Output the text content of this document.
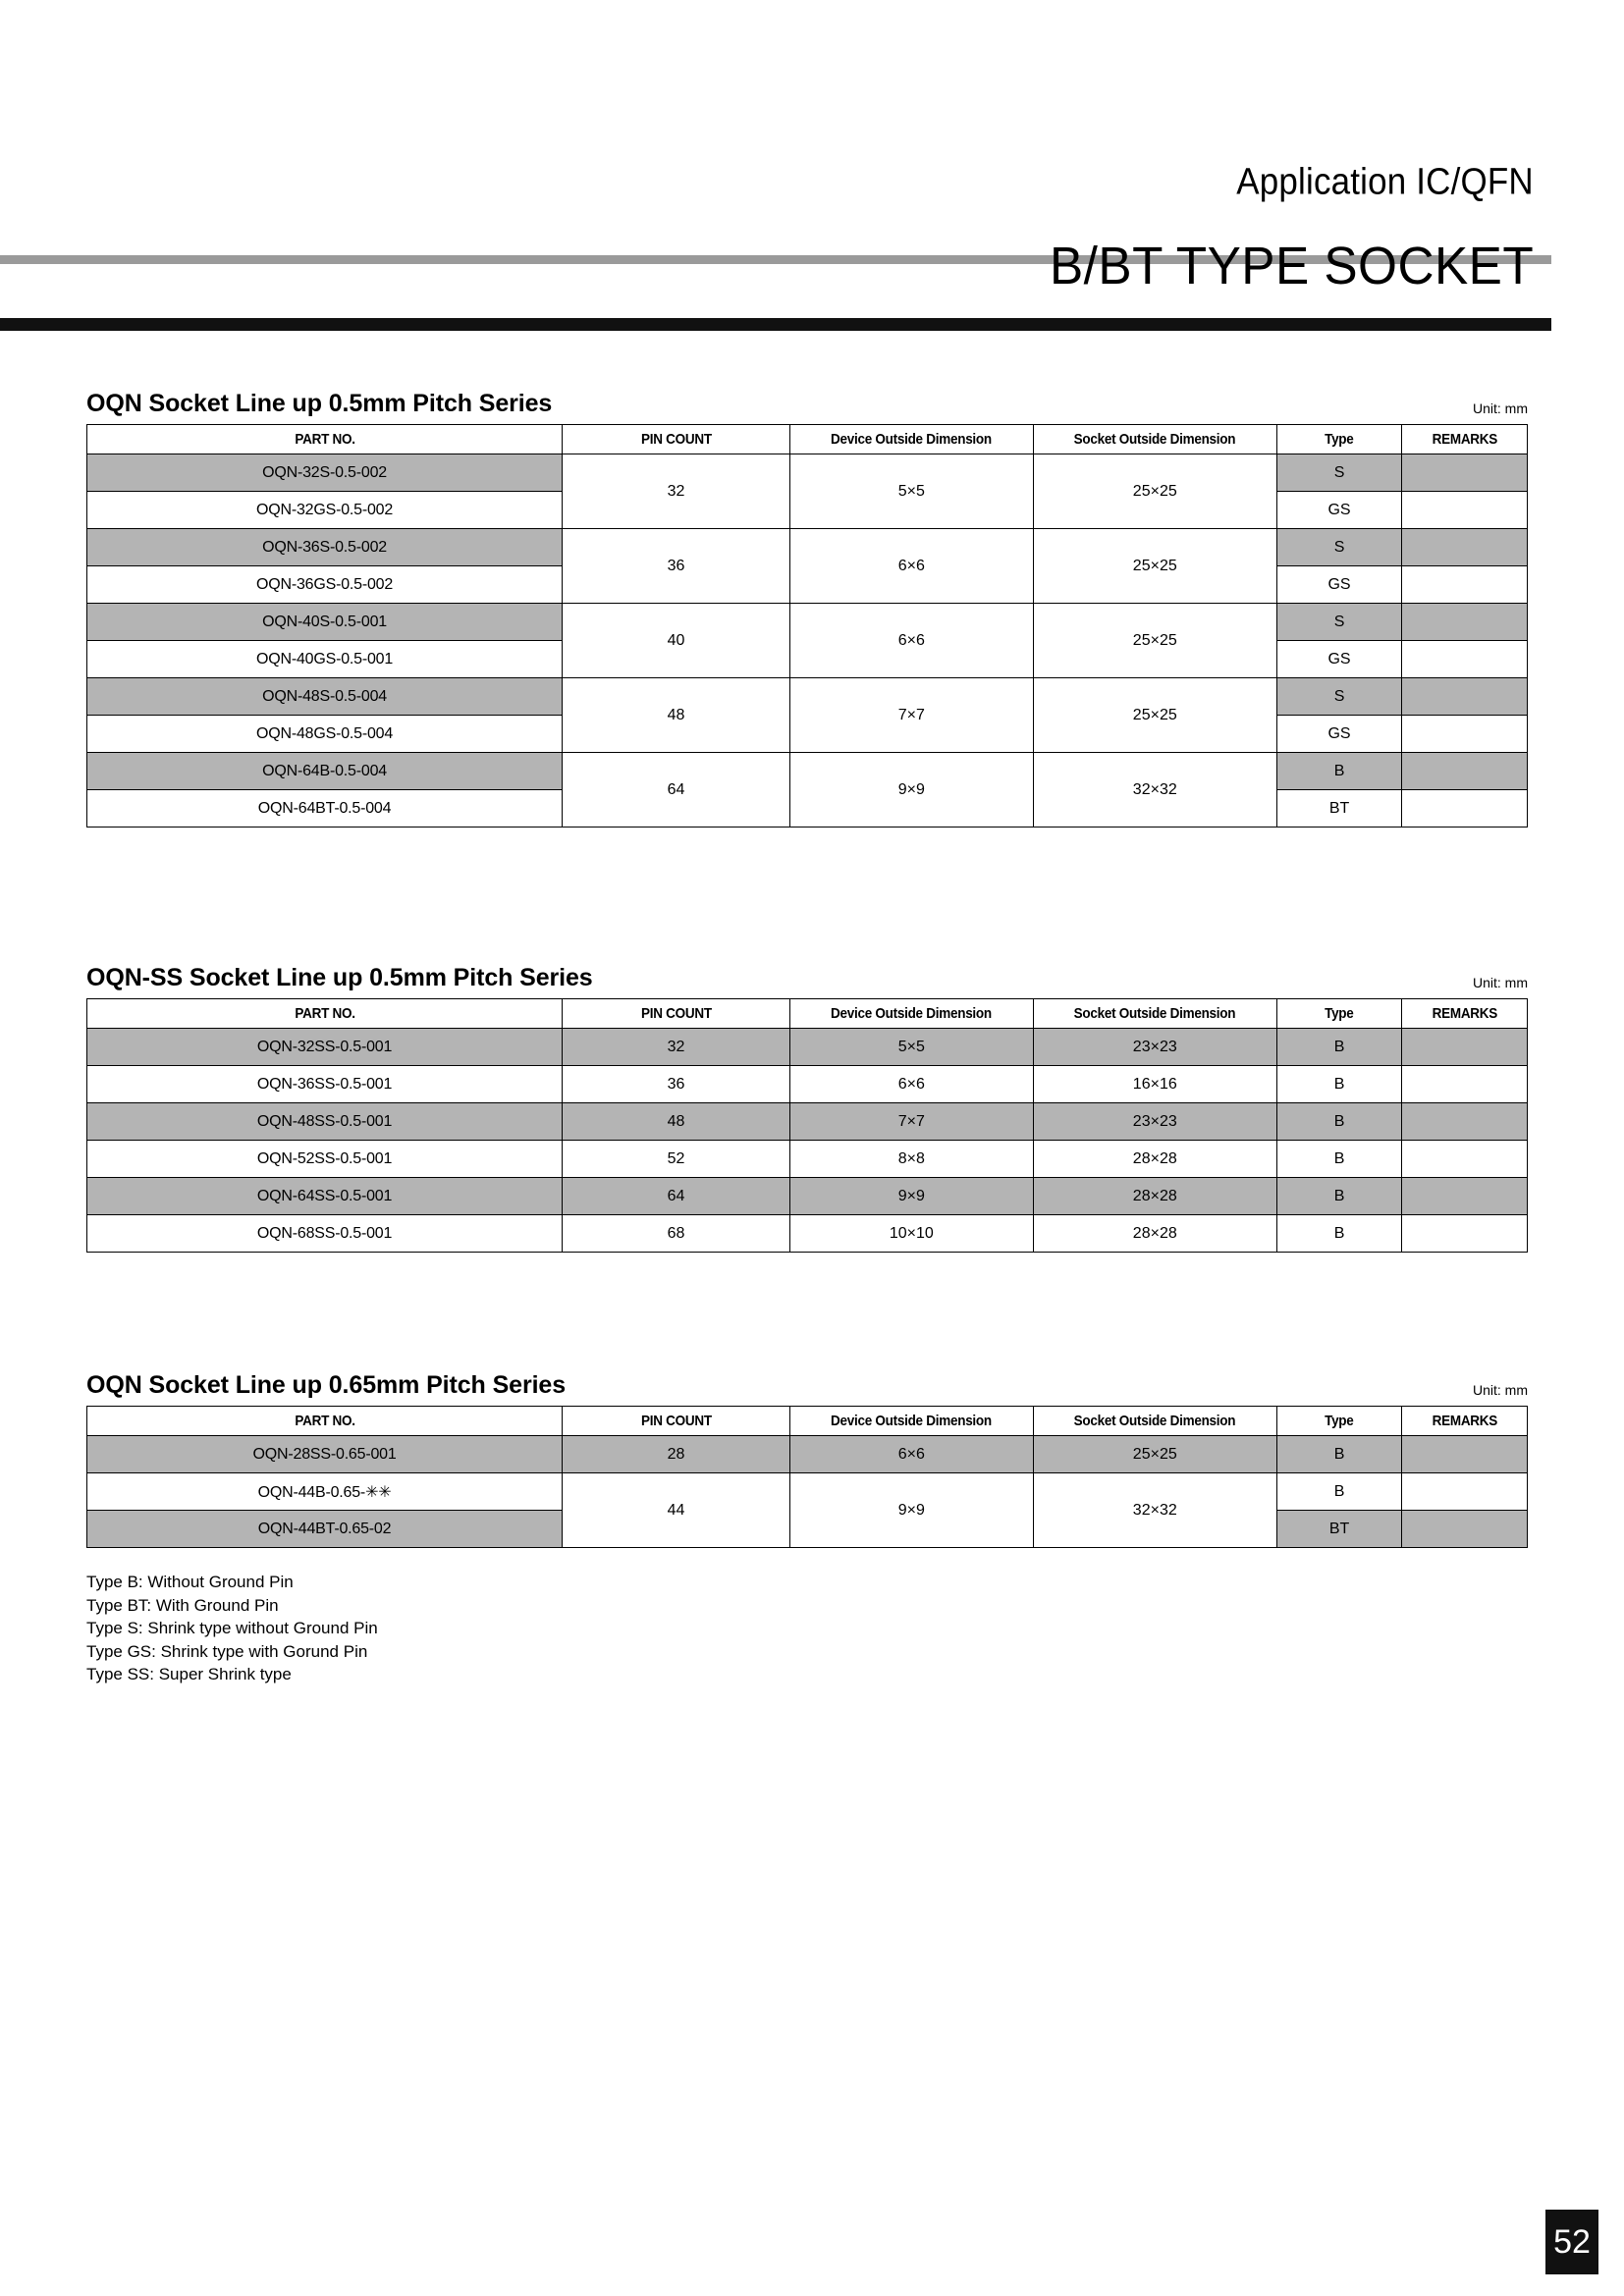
Application IC/QFN
B/BT TYPE SOCKET
OQN Socket Line up 0.5mm Pitch Series	Unit: mm
PART NO.	PIN COUNT	Device Outside Dimension	Socket Outside Dimension	Type	REMARKS
OQN-32S-0.5-002	32	5×5	25×25	S	
OQN-32GS-0.5-002				GS	
OQN-36S-0.5-002	36	6×6	25×25	S	
OQN-36GS-0.5-002				GS	
OQN-40S-0.5-001	40	6×6	25×25	S	
OQN-40GS-0.5-001				GS	
OQN-48S-0.5-004	48	7×7	25×25	S	
OQN-48GS-0.5-004				GS	
OQN-64B-0.5-004	64	9×9	32×32	B	
OQN-64BT-0.5-004				BT	
OQN-SS Socket Line up 0.5mm Pitch Series	Unit: mm
PART NO.	PIN COUNT	Device Outside Dimension	Socket Outside Dimension	Type	REMARKS
OQN-32SS-0.5-001	32	5×5	23×23	B	
OQN-36SS-0.5-001	36	6×6	16×16	B	
OQN-48SS-0.5-001	48	7×7	23×23	B	
OQN-52SS-0.5-001	52	8×8	28×28	B	
OQN-64SS-0.5-001	64	9×9	28×28	B	
OQN-68SS-0.5-001	68	10×10	28×28	B	
OQN Socket Line up 0.65mm Pitch Series	Unit: mm
PART NO.	PIN COUNT	Device Outside Dimension	Socket Outside Dimension	Type	REMARKS
OQN-28SS-0.65-001	28	6×6	25×25	B	
OQN-44B-0.65-✳✳	44	9×9	32×32	B	
OQN-44BT-0.65-02				BT	
Type B: Without Ground Pin
Type BT: With Ground Pin
Type S: Shrink type without Ground Pin
Type GS: Shrink type with Gorund Pin
Type SS: Super Shrink type
52
